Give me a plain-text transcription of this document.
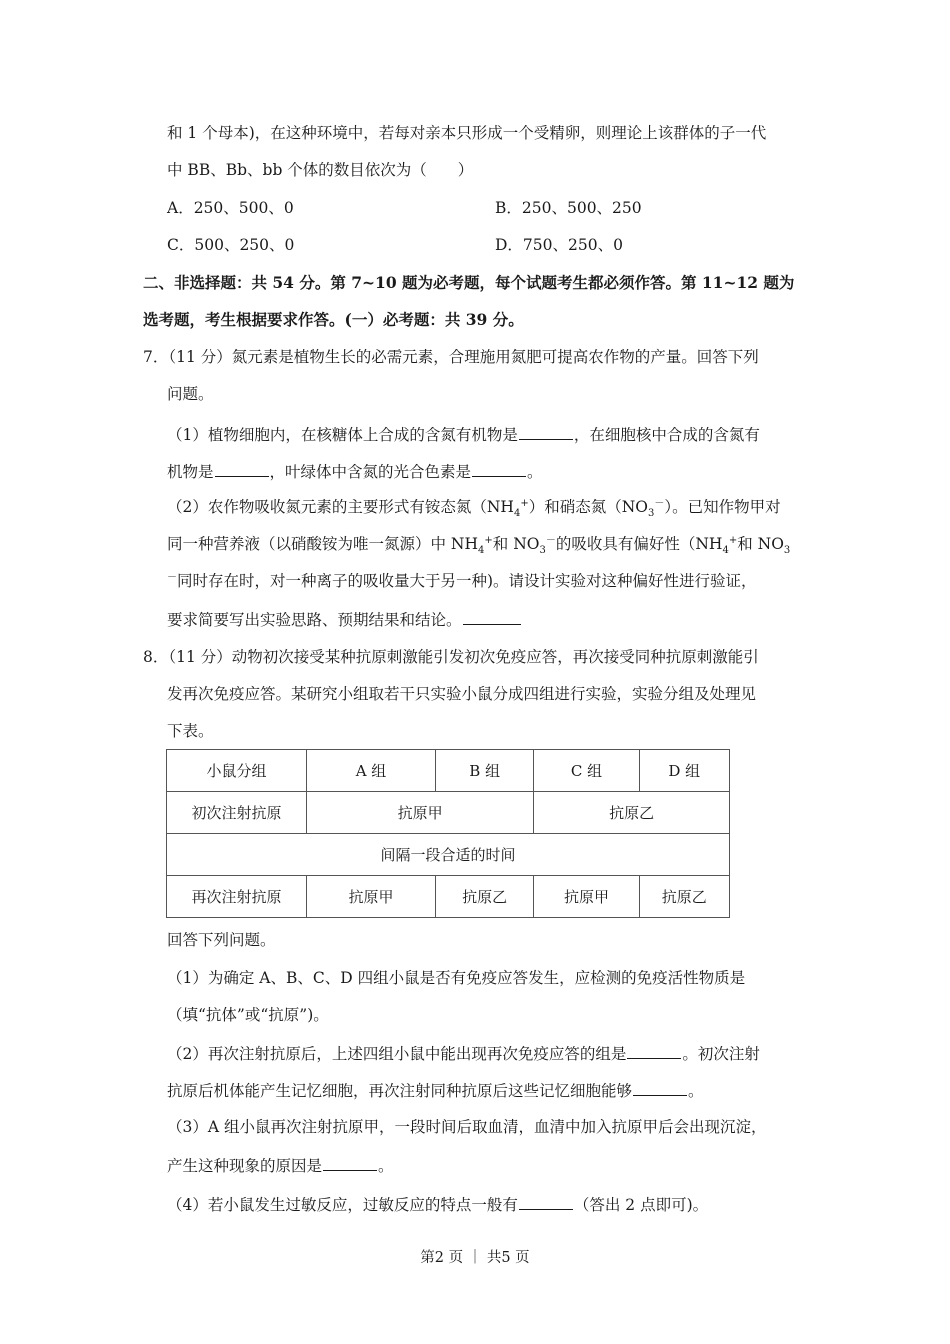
和 1 个母本)，在这种环境中，若每对亲本只形成一个受精卵，则理论上该群体的子一代
中 BB、Bb、bb 个体的数目依次为（　　）
A．250、500、0	B．250、500、250
C．500、250、0	D．750、250、0
二、非选择题：共 54 分。第 7~10 题为必考题，每个试题考生都必须作答。第 11~12 题为
选考题，考生根据要求作答。(一）必考题：共 39 分。
7．（11 分）氮元素是植物生长的必需元素，合理施用氮肥可提高农作物的产量。回答下列
问题。
（1）植物细胞内，在核糖体上合成的含氮有机物是	，在细胞核中合成的含氮有
机物是	，叶绿体中含氮的光合色素是	。
（2）农作物吸收氮元素的主要形式有铵态氮$(NH_4^+)$和硝态氮$(NO_3^-)$。已知作物甲对
同一种营养液（以硝酸铵为唯一氮源）中 $NH_4^+$和 $NO_3^-$的吸收具有偏好性（$NH_4^+$和 $NO_3$
－同时存在时，对一种离子的吸收量大于另一种)。请设计实验对这种偏好性进行验证，
要求简要写出实验思路、预期结果和结论。
8．（11 分）动物初次接受某种抗原刺激能引发初次免疫应答，再次接受同种抗原刺激能引
发再次免疫应答。某研究小组取若干只实验小鼠分成四组进行实验，实验分组及处理见
下表。
小鼠分组	A 组	B 组	C 组	D 组
初次注射抗原	抗原甲		抗原乙	
间隔一段合适的时间				
再次注射抗原	抗原甲	抗原乙	抗原甲	抗原乙
回答下列问题。
（1）为确定 A、B、C、D 四组小鼠是否有免疫应答发生，应检测的免疫活性物质是
（填“抗体”或“抗原”)。
（2）再次注射抗原后，上述四组小鼠中能出现再次免疫应答的组是	。初次注射
抗原后机体能产生记忆细胞，再次注射同种抗原后这些记忆细胞能够	。
（3）A 组小鼠再次注射抗原甲，一段时间后取血清，血清中加入抗原甲后会出现沉淀，
产生这种现象的原因是	。
（4）若小鼠发生过敏反应，过敏反应的特点一般有	（答出 2 点即可)。
第2 页 ｜ 共5 页
